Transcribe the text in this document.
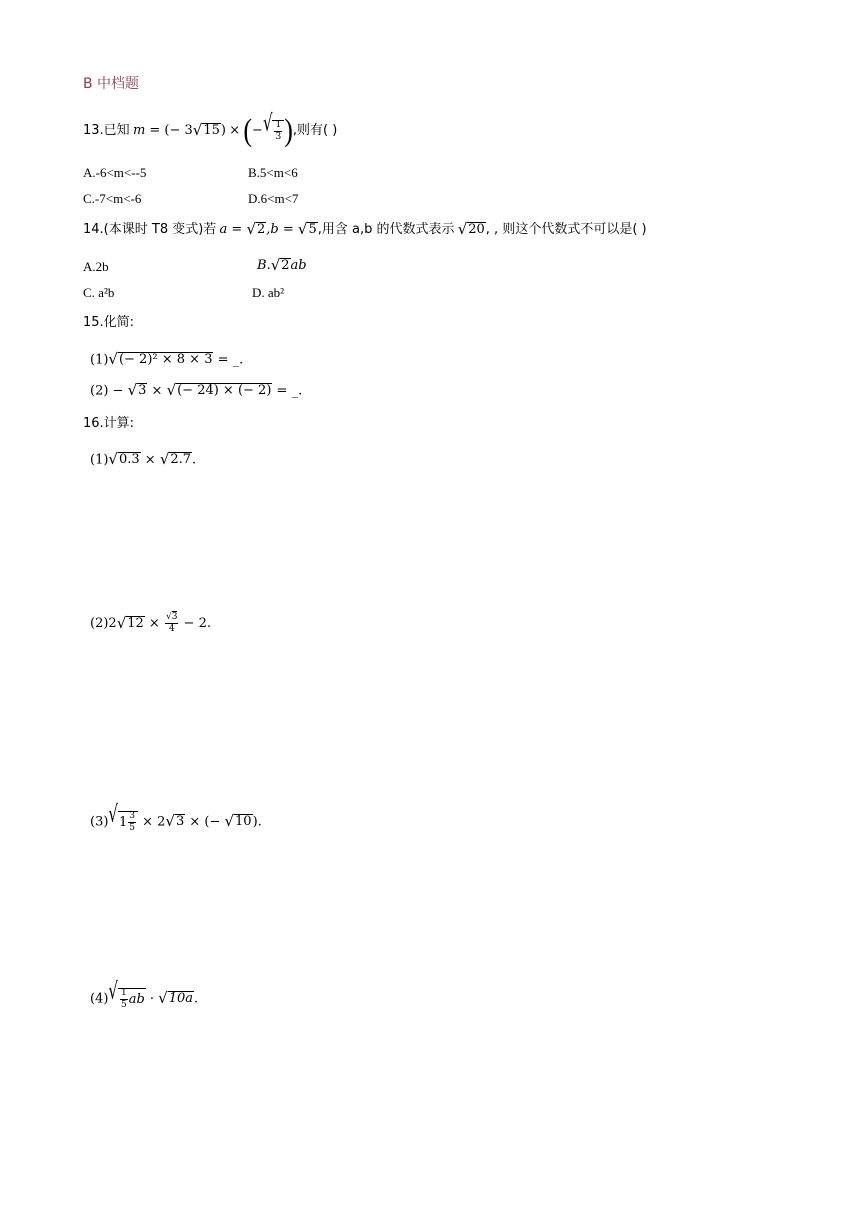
B 中档题
13.已知 m = (− 3 √ 15 ) × (− √ $\frac{1}{3}$ ),则有( )
A.-6<m<--5	B.5<m<6
C.-7<m<-6	D.6<m<7
14.(本课时 T8 变式)若 a = √ 2 ,b = √ 5 ,用含 a,b 的代数式表示 √ 20 , , 则这个代数式不可以是( )
A.2b	B. √ 2 ab
C. a²b	D. ab²
15.化简:
(1) √ (− 2)² × 8 × 3 = _.
(2) − √ 3 × √ (− 24) × (− 2) = _.
16.计算:
(1) √ 0.3 × √ 2.7 .
(2)2 √ $12 \times \frac{√3}{4} - 2$.
(3) √ $1 \frac{3}{5} \times 2$ √ 3 × (− √ 10 ).
(4) √ $\frac{1}{5}$ ab · √ 10a .
